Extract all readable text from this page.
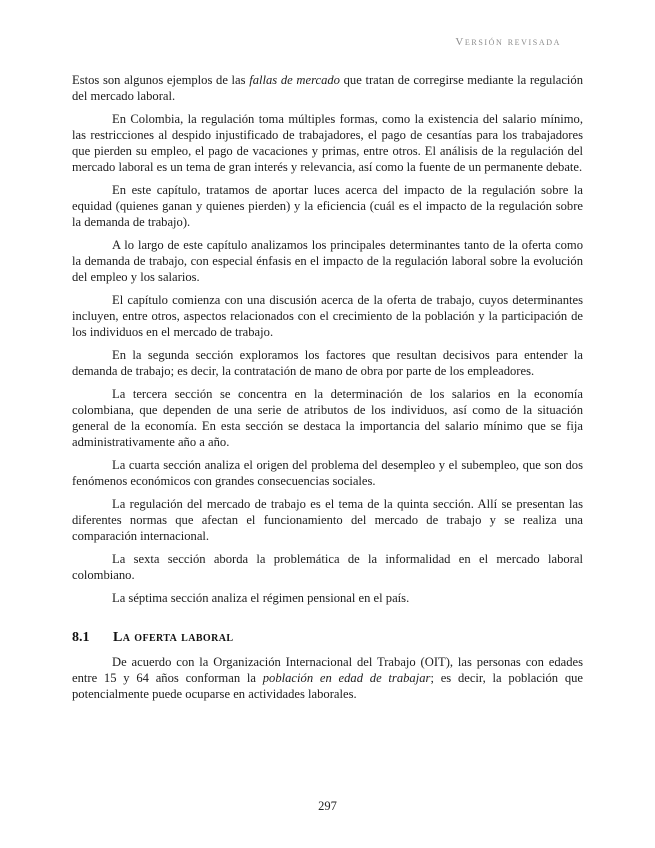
Versión revisada

Estos son algunos ejemplos de las fallas de mercado que tratan de corregirse mediante la regulación del mercado laboral.

En Colombia, la regulación toma múltiples formas, como la existencia del salario mínimo, las restricciones al despido injustificado de trabajadores, el pago de cesantías para los trabajadores que pierden su empleo, el pago de vacaciones y primas, entre otros. El análisis de la regulación del mercado laboral es un tema de gran interés y relevancia, así como la fuente de un permanente debate.

En este capítulo, tratamos de aportar luces acerca del impacto de la regulación sobre la equidad (quienes ganan y quienes pierden) y la eficiencia (cuál es el impacto de la regulación sobre la demanda de trabajo).

A lo largo de este capítulo analizamos los principales determinantes tanto de la oferta como la demanda de trabajo, con especial énfasis en el impacto de la regulación laboral sobre la evolución del empleo y los salarios.

El capítulo comienza con una discusión acerca de la oferta de trabajo, cuyos determinantes incluyen, entre otros, aspectos relacionados con el crecimiento de la población y la participación de los individuos en el mercado de trabajo.

En la segunda sección exploramos los factores que resultan decisivos para entender la demanda de trabajo; es decir, la contratación de mano de obra por parte de los empleadores.

La tercera sección se concentra en la determinación de los salarios en la economía colombiana, que dependen de una serie de atributos de los individuos, así como de la situación general de la economía. En esta sección se destaca la importancia del salario mínimo que se fija administrativamente año a año.

La cuarta sección analiza el origen del problema del desempleo y el subempleo, que son dos fenómenos económicos con grandes consecuencias sociales.

La regulación del mercado de trabajo es el tema de la quinta sección. Allí se presentan las diferentes normas que afectan el funcionamiento del mercado de trabajo y se realiza una comparación internacional.

La sexta sección aborda la problemática de la informalidad en el mercado laboral colombiano.

La séptima sección analiza el régimen pensional en el país.

8.1 La oferta laboral

De acuerdo con la Organización Internacional del Trabajo (OIT), las personas con edades entre 15 y 64 años conforman la población en edad de trabajar; es decir, la población que potencialmente puede ocuparse en actividades laborales.

297
